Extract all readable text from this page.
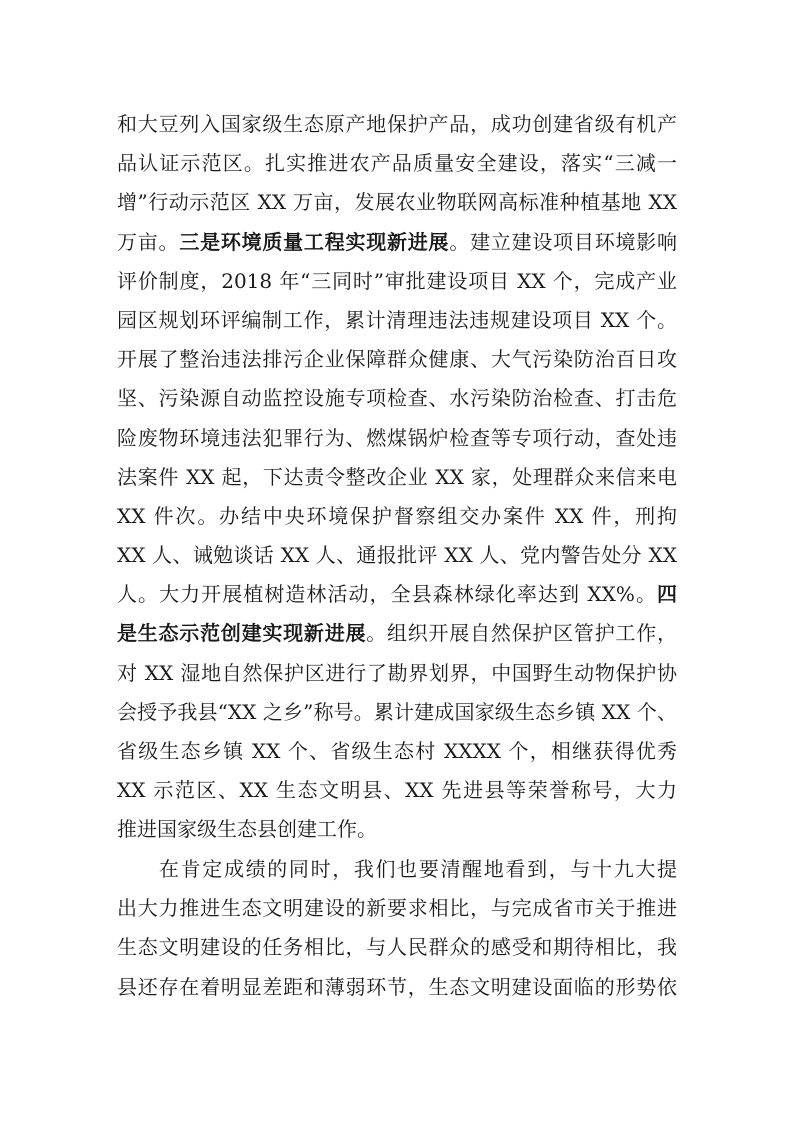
和大豆列入国家级生态原产地保护产品，成功创建省级有机产
品认证示范区。扎实推进农产品质量安全建设，落实“三减一
增”行动示范区 XX 万亩，发展农业物联网高标准种植基地 XX
万亩。三是环境质量工程实现新进展。建立建设项目环境影响
评价制度，2018 年“三同时”审批建设项目 XX 个，完成产业
园区规划环评编制工作，累计清理违法违规建设项目 XX 个。
开展了整治违法排污企业保障群众健康、大气污染防治百日攻
坚、污染源自动监控设施专项检查、水污染防治检查、打击危
险废物环境违法犯罪行为、燃煤锅炉检查等专项行动，查处违
法案件 XX 起，下达责令整改企业 XX 家，处理群众来信来电
XX 件次。办结中央环境保护督察组交办案件 XX 件，刑拘
XX 人、诫勉谈话 XX 人、通报批评 XX 人、党内警告处分 XX
人。大力开展植树造林活动，全县森林绿化率达到 XX%。四
是生态示范创建实现新进展。组织开展自然保护区管护工作，
对 XX 湿地自然保护区进行了勘界划界，中国野生动物保护协
会授予我县“XX 之乡”称号。累计建成国家级生态乡镇 XX 个、
省级生态乡镇 XX 个、省级生态村 XXXX 个，相继获得优秀
XX 示范区、XX 生态文明县、XX 先进县等荣誉称号，大力
推进国家级生态县创建工作。
在肯定成绩的同时，我们也要清醒地看到，与十九大提
出大力推进生态文明建设的新要求相比，与完成省市关于推进
生态文明建设的任务相比，与人民群众的感受和期待相比，我
县还存在着明显差距和薄弱环节，生态文明建设面临的形势依
